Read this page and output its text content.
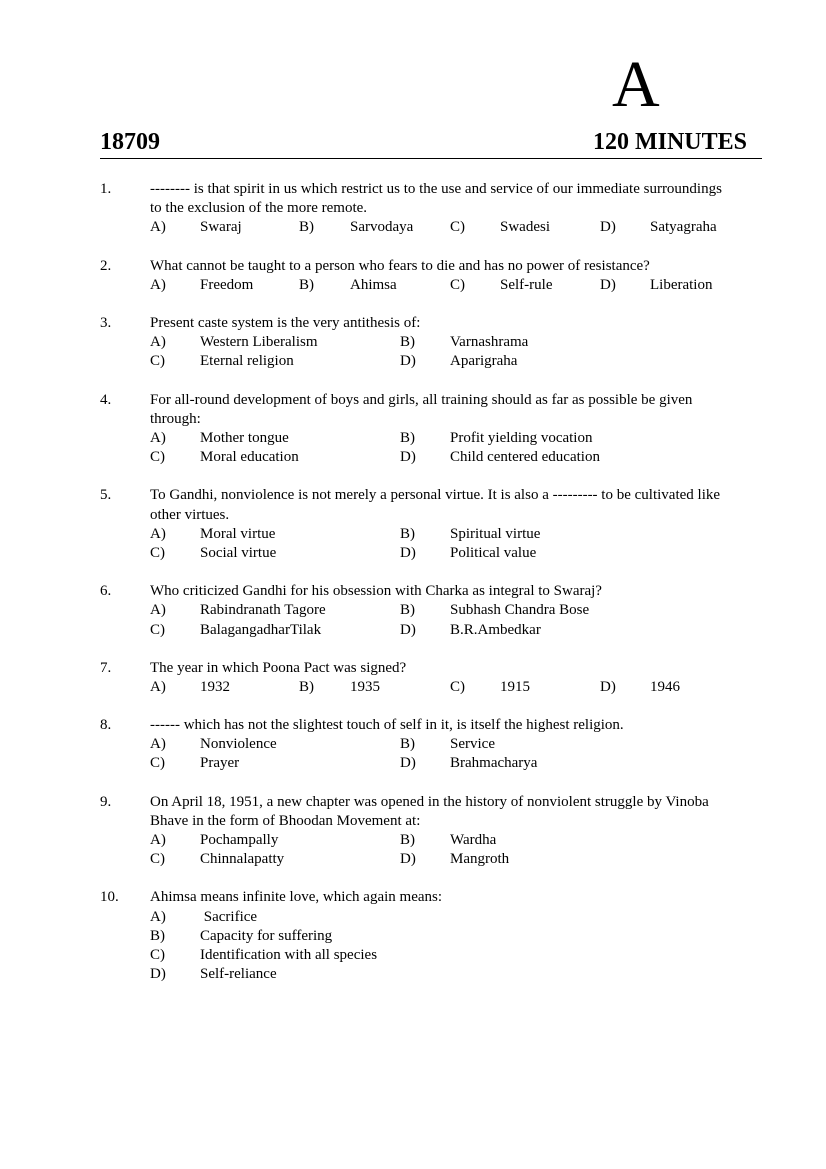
A
18709	120 MINUTES
1.	-------- is that spirit in us which restrict us to the use and service of our immediate surroundings to the exclusion of the more remote.
A) Swaraj	B) Sarvodaya C) Swadesi	D) Satyagraha
2.	What cannot be taught to a person who fears to die and has no power of resistance?
A) Freedom	B) Ahimsa	C) Self-rule	D) Liberation
3.	Present caste system is the very antithesis of:
A) Western Liberalism	B) Varnashrama
C) Eternal religion	D) Aparigraha
4.	For all-round development of boys and girls, all training should as far as possible be given through:
A) Mother tongue	B) Profit yielding vocation
C) Moral education	D) Child centered education
5.	To Gandhi, nonviolence is not merely a personal virtue. It is also a --------- to be cultivated like other virtues.
A) Moral virtue	B) Spiritual virtue
C) Social virtue	D) Political value
6.	Who criticized Gandhi for his obsession with Charka as integral to Swaraj?
A) Rabindranath Tagore	B) Subhash Chandra Bose
C) BalagangadharTilak	D) B.R.Ambedkar
7.	The year in which Poona Pact was signed?
A) 1932	B) 1935	C) 1915	D) 1946
8.	------ which has not the slightest touch of self in it, is itself the highest religion.
A) Nonviolence	B) Service
C) Prayer	D) Brahmacharya
9.	On April 18, 1951, a new chapter was opened in the history of nonviolent struggle by Vinoba Bhave in the form of Bhoodan Movement at:
A) Pochampally	B) Wardha
C) Chinnalapatty	D) Mangroth
10. Ahimsa means infinite love, which again means:
A) Sacrifice
B) Capacity for suffering
C) Identification with all species
D) Self-reliance
